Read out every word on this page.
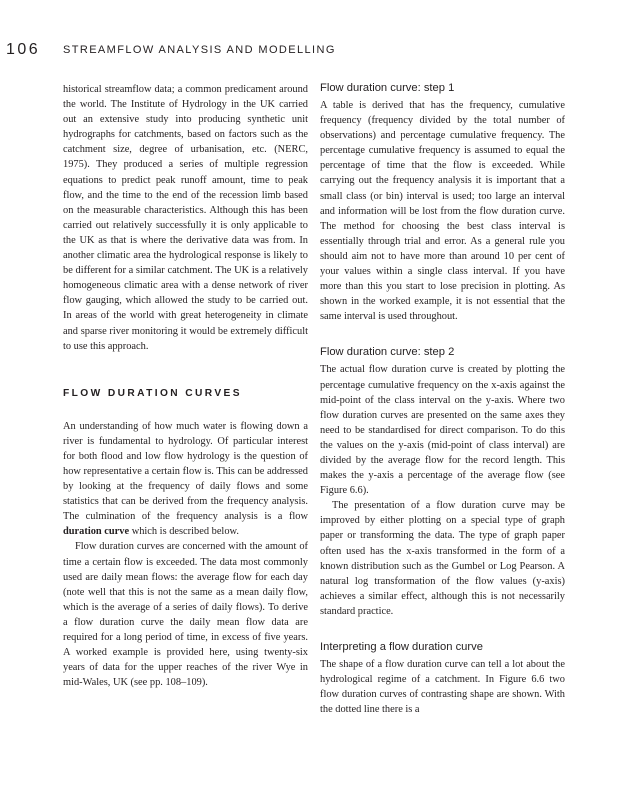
106 STREAMFLOW ANALYSIS AND MODELLING

historical streamflow data; a common predicament around the world. The Institute of Hydrology in the UK carried out an extensive study into producing synthetic unit hydrographs for catchments, based on factors such as the catchment size, degree of urbanisation, etc. (NERC, 1975). They produced a series of multiple regression equations to predict peak runoff amount, time to peak flow, and the time to the end of the recession limb based on the measurable characteristics. Although this has been carried out relatively successfully it is only applicable to the UK as that is where the derivative data was from. In another climatic area the hydrological response is likely to be different for a similar catchment. The UK is a relatively homogeneous climatic area with a dense network of river flow gauging, which allowed the study to be carried out. In areas of the world with great heterogeneity in climate and sparse river monitoring it would be extremely difficult to use this approach.

FLOW DURATION CURVES

An understanding of how much water is flowing down a river is fundamental to hydrology. Of particular interest for both flood and low flow hydrology is the question of how representative a certain flow is. This can be addressed by looking at the frequency of daily flows and some statistics that can be derived from the frequency analysis. The culmination of the frequency analysis is a flow duration curve which is described below.

Flow duration curves are concerned with the amount of time a certain flow is exceeded. The data most commonly used are daily mean flows: the average flow for each day (note well that this is not the same as a mean daily flow, which is the average of a series of daily flows). To derive a flow duration curve the daily mean flow data are required for a long period of time, in excess of five years. A worked example is provided here, using twenty-six years of data for the upper reaches of the river Wye in mid-Wales, UK (see pp. 108–109).

Flow duration curve: step 1

A table is derived that has the frequency, cumulative frequency (frequency divided by the total number of observations) and percentage cumulative frequency. The percentage cumulative frequency is assumed to equal the percentage of time that the flow is exceeded. While carrying out the frequency analysis it is important that a small class (or bin) interval is used; too large an interval and information will be lost from the flow duration curve. The method for choosing the best class interval is essentially through trial and error. As a general rule you should aim not to have more than around 10 per cent of your values within a single class interval. If you have more than this you start to lose precision in plotting. As shown in the worked example, it is not essential that the same interval is used throughout.

Flow duration curve: step 2

The actual flow duration curve is created by plotting the percentage cumulative frequency on the x-axis against the mid-point of the class interval on the y-axis. Where two flow duration curves are presented on the same axes they need to be standardised for direct comparison. To do this the values on the y-axis (mid-point of class interval) are divided by the average flow for the record length. This makes the y-axis a percentage of the average flow (see Figure 6.6).

The presentation of a flow duration curve may be improved by either plotting on a special type of graph paper or transforming the data. The type of graph paper often used has the x-axis transformed in the form of a known distribution such as the Gumbel or Log Pearson. A natural log transformation of the flow values (y-axis) achieves a similar effect, although this is not necessarily standard practice.

Interpreting a flow duration curve

The shape of a flow duration curve can tell a lot about the hydrological regime of a catchment. In Figure 6.6 two flow duration curves of contrasting shape are shown. With the dotted line there is a
